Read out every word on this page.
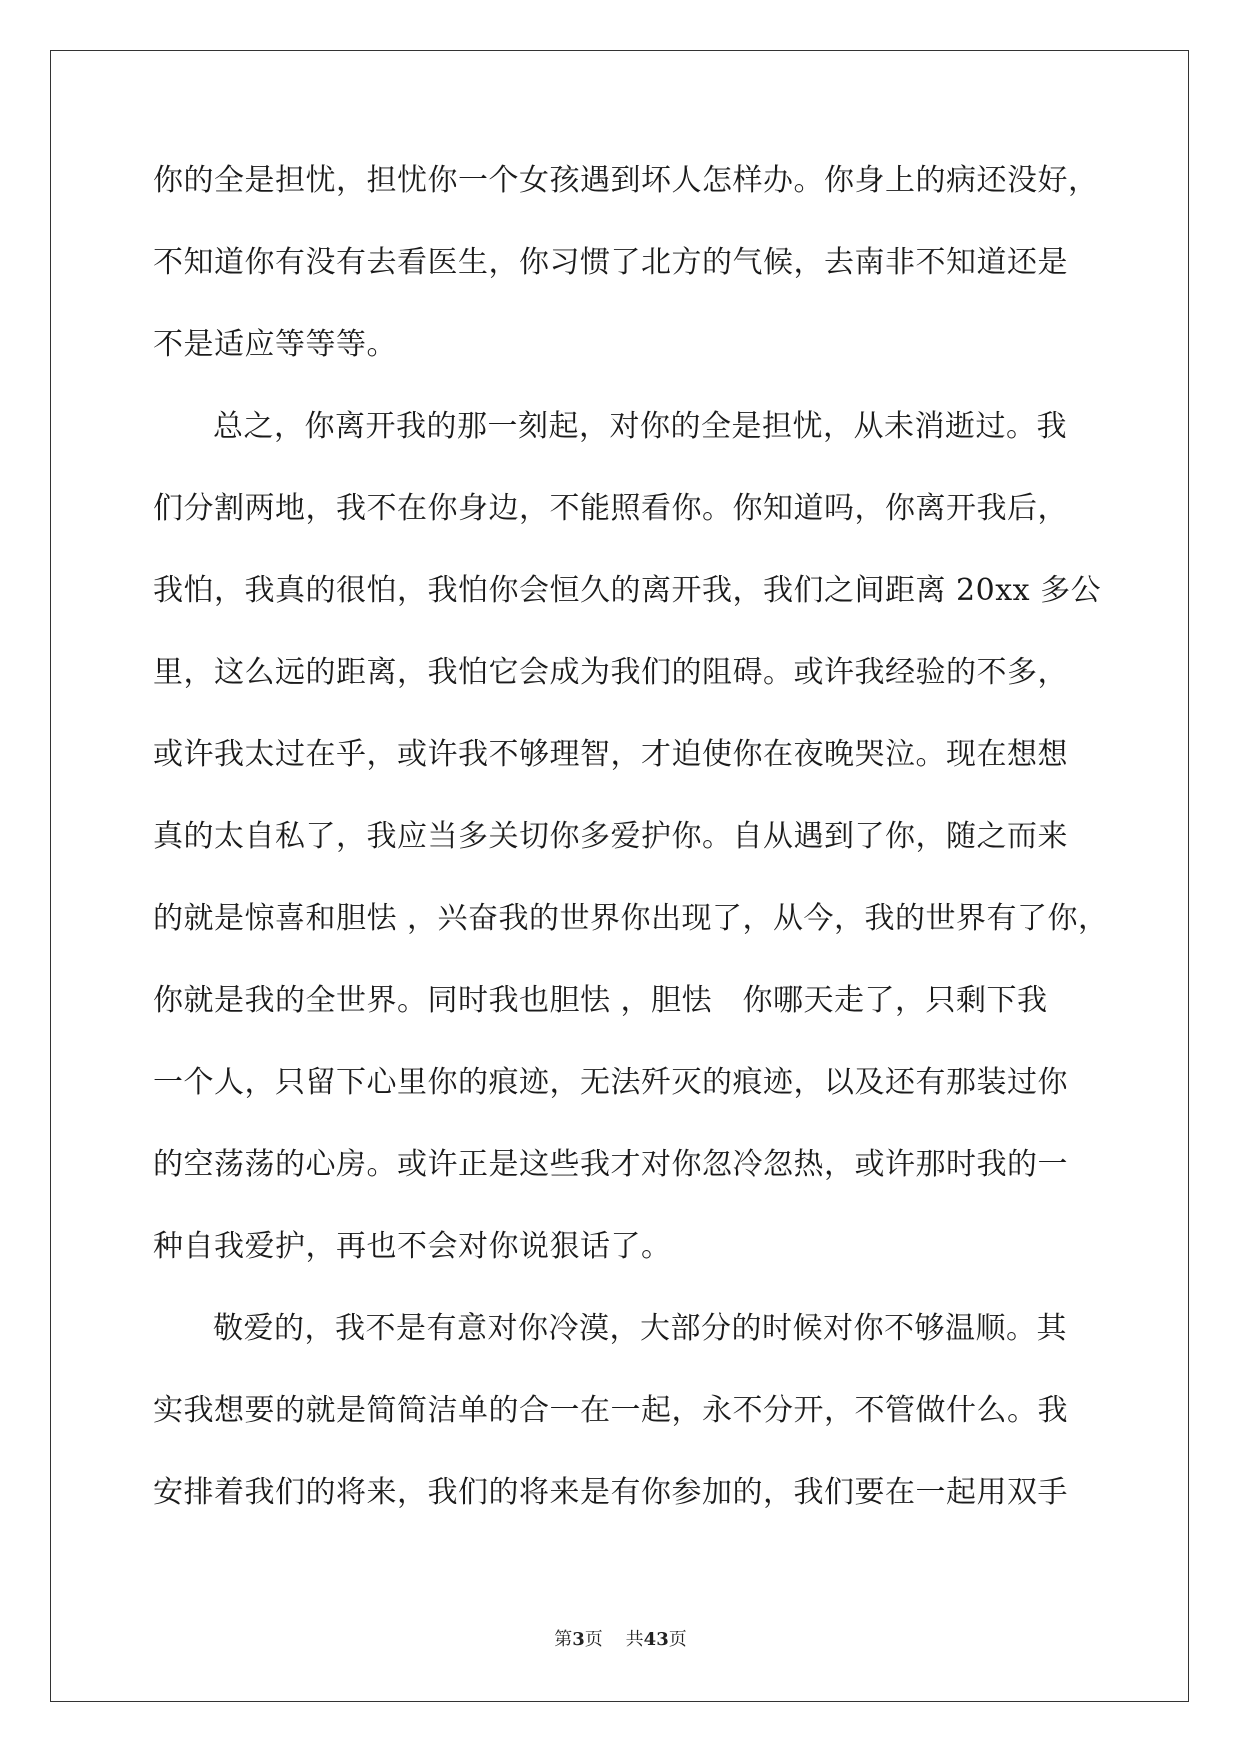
你的全是担忧，担忧你一个女孩遇到坏人怎样办。你身上的病还没好，
不知道你有没有去看医生，你习惯了北方的气候，去南非不知道还是
不是适应等等等。
总之，你离开我的那一刻起，对你的全是担忧，从未消逝过。我
们分割两地，我不在你身边，不能照看你。你知道吗，你离开我后，
我怕，我真的很怕，我怕你会恒久的离开我，我们之间距离 20xx 多公
里，这么远的距离，我怕它会成为我们的阻碍。或许我经验的不多，
或许我太过在乎，或许我不够理智，才迫使你在夜晚哭泣。现在想想
真的太自私了，我应当多关切你多爱护你。自从遇到了你，随之而来
的就是惊喜和胆怯 ，兴奋我的世界你出现了，从今，我的世界有了你，
你就是我的全世界。同时我也胆怯 ，胆怯　你哪天走了，只剩下我
一个人，只留下心里你的痕迹，无法歼灭的痕迹，以及还有那装过你
的空荡荡的心房。或许正是这些我才对你忽冷忽热，或许那时我的一
种自我爱护，再也不会对你说狠话了。
敬爱的，我不是有意对你冷漠，大部分的时候对你不够温顺。其
实我想要的就是简简洁单的合一在一起，永不分开，不管做什么。我
安排着我们的将来，我们的将来是有你参加的，我们要在一起用双手
第3页 共43页
